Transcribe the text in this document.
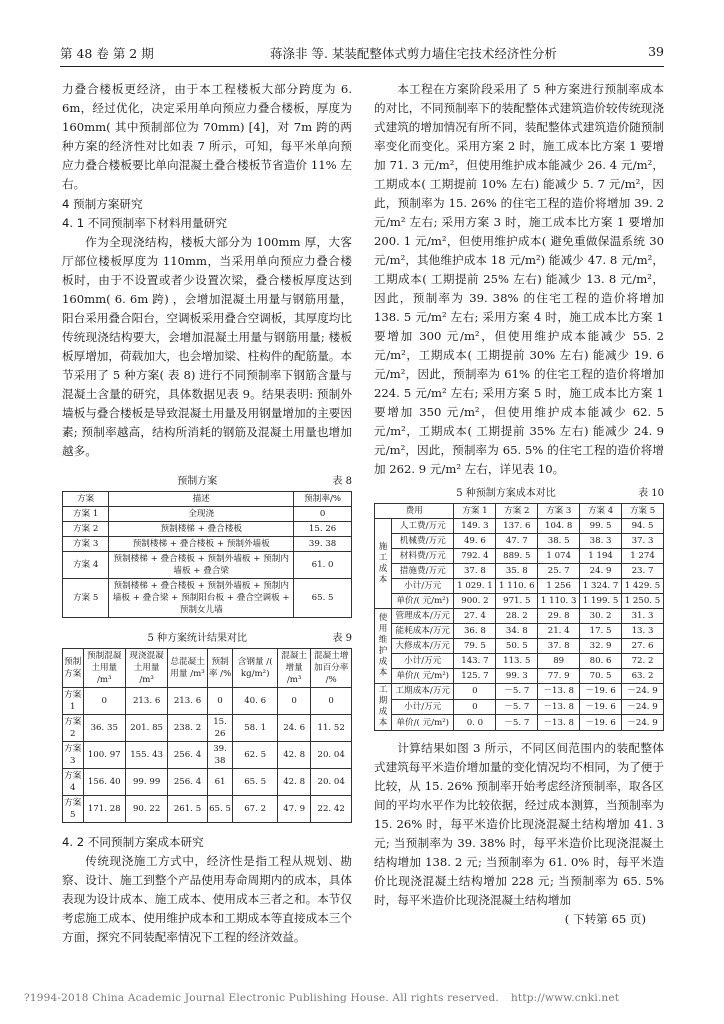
第 48 卷 第 2 期	蒋涤非 等. 某装配整体式剪力墙住宅技术经济性分析	39

力叠合楼板更经济，由于本工程楼板大部分跨度为 6. 6m，经过优化，决定采用单向预应力叠合楼板，厚度为 160mm( 其中预制部位为 70mm) [4]，对 7m 跨的两种方案的经济性对比如表 7 所示，可知，每平米单向预应力叠合楼板要比单向混凝土叠合楼板节省造价 11% 左右。

4 预制方案研究

4. 1 不同预制率下材料用量研究

作为全现浇结构，楼板大部分为 100mm 厚，大客厅部位楼板厚度为 110mm，当采用单向预应力叠合楼板时，由于不设置或者少设置次梁，叠合楼板厚度达到 160mm( 6. 6m 跨) ，会增加混凝土用量与钢筋用量，阳台采用叠合阳台，空调板采用叠合空调板，其厚度均比传统现浇结构要大，会增加混凝土用量与钢筋用量; 楼板板厚增加，荷载加大，也会增加梁、柱构件的配筋量。本节采用了 5 种方案( 表 8) 进行不同预制率下钢筋含量与混凝土含量的研究，具体数据见表 9。结果表明: 预制外墙板与叠合楼板是导致混凝土用量及用钢量增加的主要因素; 预制率越高，结构所消耗的钢筋及混凝土用量也增加越多。

预制方案	表 8
方案	描述	预制率/%
方案 1	全现浇	0
方案 2	预制楼梯 + 叠合楼板	15. 26
方案 3	预制楼梯 + 叠合楼板 + 预制外墙板	39. 38
方案 4	预制楼梯 + 叠合楼板 + 预制外墙板 + 预制内墙板 + 叠合梁	61. 0
方案 5	预制楼梯 + 叠合楼板 + 预制外墙板 + 预制内墙板 + 叠合梁 + 预制阳台板 + 叠合空调板 + 预制女儿墙	65. 5
5 种方案统计结果对比	表 9
预制方案	预制混凝土用量 /m³	现浇混凝土用量 /m³	总混凝土用量 /m³	预制率 /%	含钢量 /( kg/m²)	混凝土增量 /m³	混凝土增加百分率 /%
方案 1	0	213. 6	213. 6	0	40. 6	0	0
方案 2	36. 35	201. 85	238. 2	15. 26	58. 1	24. 6	11. 52
方案 3	100. 97	155. 43	256. 4	39. 38	62. 5	42. 8	20. 04
方案 4	156. 40	99. 99	256. 4	61	65. 5	42. 8	20. 04
方案 5	171. 28	90. 22	261. 5	65. 5	67. 2	47. 9	22. 42

4. 2 不同预制方案成本研究

传统现浇施工方式中，经济性是指工程从规划、勘察、设计、施工到整个产品使用寿命周期内的成本，具体表现为设计成本、施工成本、使用成本三者之和。本节仅考虑施工成本、使用维护成本和工期成本等直接成本三个方面，探究不同装配率情况下工程的经济效益。

本工程在方案阶段采用了 5 种方案进行预制率成本的对比，不同预制率下的装配整体式建筑造价较传统现浇式建筑的增加情况有所不同，装配整体式建筑造价随预制率变化而变化。采用方案 2 时，施工成本比方案 1 要增加 71. 3 元/m²，但使用维护成本能减少 26. 4 元/m²，工期成本( 工期提前 10% 左右) 能减少 5. 7 元/m²，因此，预制率为 15. 26% 的住宅工程的造价将增加 39. 2 元/m² 左右; 采用方案 3 时，施工成本比方案 1 要增加 200. 1 元/m²，但使用维护成本( 避免重做保温系统 30 元/m²，其他维护成本 18 元/m²) 能减少 47. 8 元/m²，工期成本( 工期提前 25% 左右) 能减少 13. 8 元/m²，因此，预制率为 39. 38% 的住宅工程的造价将增加 138. 5 元/m² 左右; 采用方案 4 时，施工成本比方案 1 要增加 300 元/m²，但使用维护成本能减少 55. 2 元/m²，工期成本( 工期提前 30% 左右) 能减少 19. 6 元/m²，因此，预制率为 61% 的住宅工程的造价将增加 224. 5 元/m² 左右; 采用方案 5 时，施工成本比方案 1 要增加 350 元/m²，但使用维护成本能减少 62. 5 元/m²，工期成本( 工期提前 35% 左右) 能减少 24. 9 元/m²，因此，预制率为 65. 5% 的住宅工程的造价将增加 262. 9 元/m² 左右，详见表 10。

5 种预制方案成本对比	表 10
费用		方案 1	方案 2	方案 3	方案 4	方案 5
施工成本	人工费/万元	149. 3	137. 6	104. 8	99. 5	94. 5
	机械费/万元	49. 6	47. 7	38. 5	38. 3	37. 3
	材料费/万元	792. 4	889. 5	1 074	1 194	1 274
	措施费/万元	37. 8	35. 8	25. 7	24. 9	23. 7
	小计/万元	1 029. 1	1 110. 6	1 256	1 324. 7	1 429. 5
	单价/( 元/m²)	900. 2	971. 5	1 110. 3	1 199. 5	1 250. 5
使用维护成本	管理成本/万元	27. 4	28. 2	29. 8	30. 2	31. 3
	能耗成本/万元	36. 8	34. 8	21. 4	17. 5	13. 3
	大修成本/万元	79. 5	50. 5	37. 8	32. 9	27. 6
	小计/万元	143. 7	113. 5	89	80. 6	72. 2
	单价/( 元/m²)	125. 7	99. 3	77. 9	70. 5	63. 2
工期成本	工期成本/万元	0	－5. 7	－13. 8	－19. 6	－24. 9
	小计/万元	0	－5. 7	－13. 8	－19. 6	－24. 9
	单价/( 元/m²)	0. 0	－5. 7	－13. 8	－19. 6	－24. 9

计算结果如图 3 所示，不同区间范围内的装配整体式建筑每平米造价增加量的变化情况均不相同，为了便于比较，从 15. 26% 预制率开始考虑经济预制率，取各区间的平均水平作为比较依据，经过成本测算，当预制率为 15. 26% 时，每平米造价比现浇混凝土结构增加 41. 3 元; 当预制率为 39. 38% 时，每平米造价比现浇混凝土结构增加 138. 2 元; 当预制率为 61. 0% 时，每平米造价比现浇混凝土结构增加 228 元; 当预制率为 65. 5% 时，每平米造价比现浇混凝土结构增加

( 下转第 65 页)

?1994-2018 China Academic Journal Electronic Publishing House. All rights reserved. http://www.cnki.net
